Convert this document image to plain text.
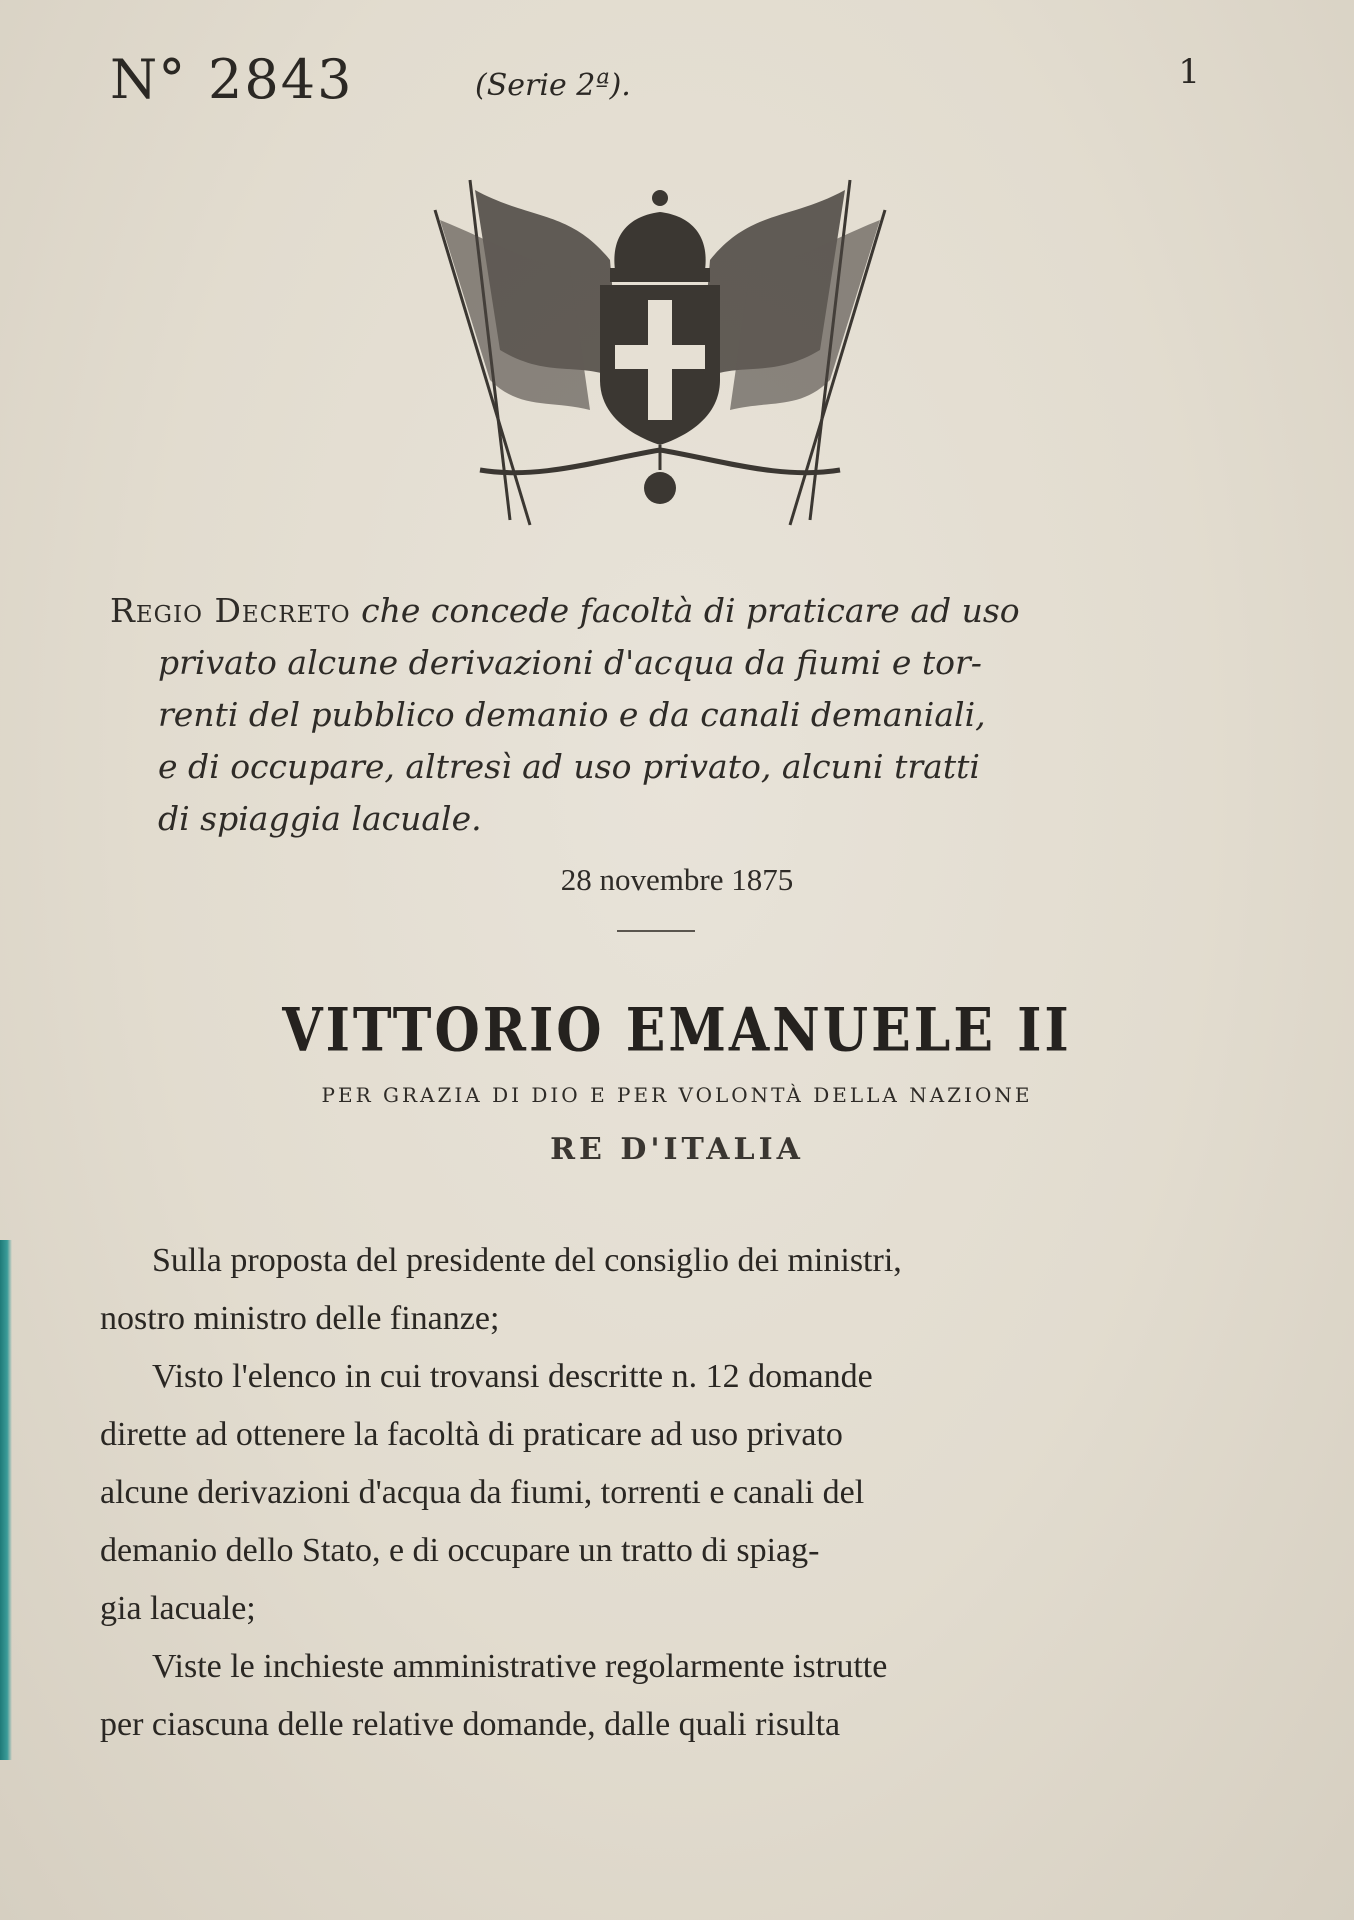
N° 2843	(Serie 2ª).	1
Regio Decreto che concede facoltà di praticare ad uso
privato alcune derivazioni d'acqua da fiumi e tor-
renti del pubblico demanio e da canali demaniali,
e di occupare, altresì ad uso privato, alcuni tratti
di spiaggia lacuale.
28 novembre 1875
VITTORIO EMANUELE II
PER GRAZIA DI DIO E PER VOLONTÀ DELLA NAZIONE
RE D'ITALIA
Sulla proposta del presidente del consiglio dei ministri,
nostro ministro delle finanze;
Visto l'elenco in cui trovansi descritte n. 12 domande
dirette ad ottenere la facoltà di praticare ad uso privato
alcune derivazioni d'acqua da fiumi, torrenti e canali del
demanio dello Stato, e di occupare un tratto di spiag-
gia lacuale;
Viste le inchieste amministrative regolarmente istrutte
per ciascuna delle relative domande, dalle quali risulta
